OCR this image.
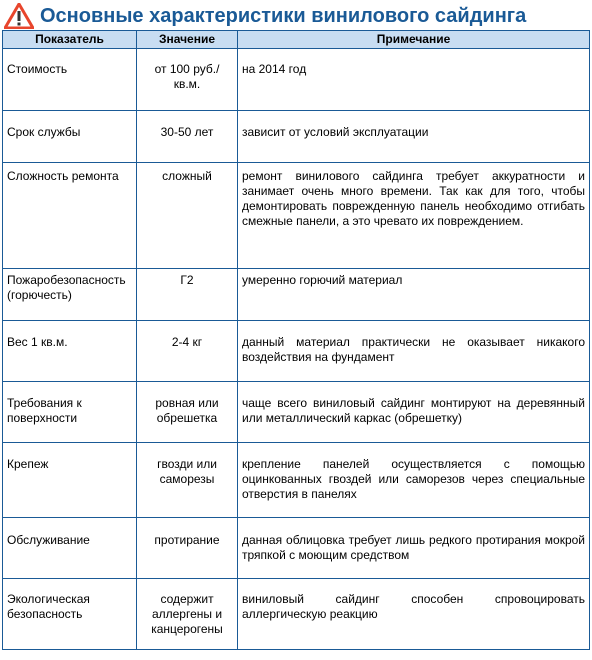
Основные характеристики винилового сайдинга
Показатель	Значение	Примечание
Стоимость	от 100 руб./кв.м.	на 2014 год
Срок службы	30-50 лет	зависит от условий эксплуатации
Сложность ремонта	сложный	ремонт винилового сайдинга требует аккуратности и занимает очень много времени. Так как для того, чтобы демонтировать поврежденную панель необходимо отгибать смежные панели, а это чревато их повреждением.
Пожаробезопасность (горючесть)	Г2	умеренно горючий материал
Вес 1 кв.м.	2-4 кг	данный материал практически не оказывает никакого воздействия на фундамент
Требования к поверхности	ровная или обрешетка	чаще всего виниловый сайдинг монтируют на деревянный или металлический каркас (обрешетку)
Крепеж	гвозди или саморезы	крепление панелей осуществляется с помощью оцинкованных гвоздей или саморезов через специальные отверстия в панелях
Обслуживание	протирание	данная облицовка требует лишь редкого протирания мокрой тряпкой с моющим средством
Экологическая безопасность	содержит аллергены и канцерогены	виниловый сайдинг способен спровоцировать аллергическую реакцию
